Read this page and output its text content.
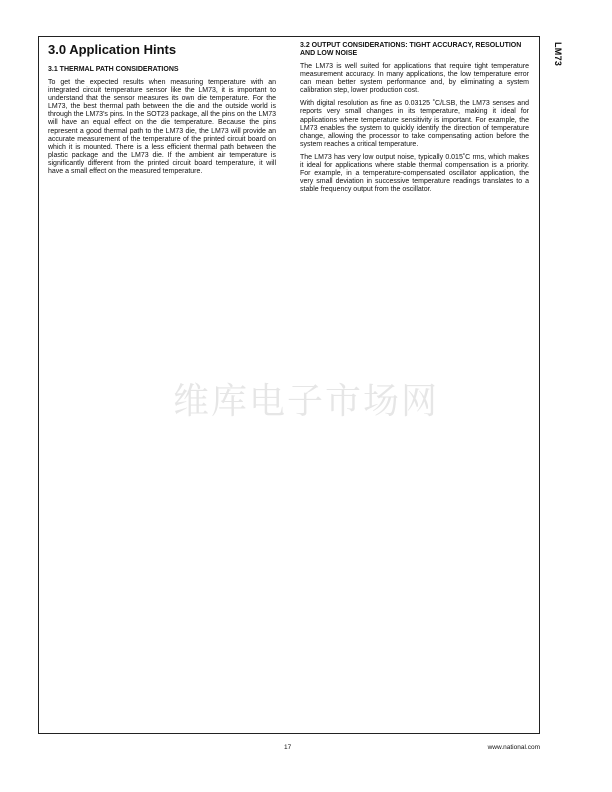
LM73
3.0 Application Hints
3.1 THERMAL PATH CONSIDERATIONS

To get the expected results when measuring temperature with an integrated circuit temperature sensor like the LM73, it is important to understand that the sensor measures its own die temperature. For the LM73, the best thermal path between the die and the outside world is through the LM73's pins. In the SOT23 package, all the pins on the LM73 will have an equal effect on the die temperature. Because the pins represent a good thermal path to the LM73 die, the LM73 will provide an accurate measurement of the temperature of the printed circuit board on which it is mounted. There is a less efficient thermal path between the plastic package and the LM73 die. If the ambient air temperature is significantly different from the printed circuit board temperature, it will have a small effect on the measured temperature.

3.2 OUTPUT CONSIDERATIONS: TIGHT ACCURACY, RESOLUTION AND LOW NOISE

The LM73 is well suited for applications that require tight temperature measurement accuracy. In many applications, the low temperature error can mean better system performance and, by eliminating a system calibration step, lower production cost.

With digital resolution as fine as 0.03125 ˚C/LSB, the LM73 senses and reports very small changes in its temperature, making it ideal for applications where temperature sensitivity is important. For example, the LM73 enables the system to quickly identify the direction of temperature change, allowing the processor to take compensating action before the system reaches a critical temperature.

The LM73 has very low output noise, typically 0.015˚C rms, which makes it ideal for applications where stable thermal compensation is a priority. For example, in a temperature-compensated oscillator application, the very small deviation in successive temperature readings translates to a stable frequency output from the oscillator.

维库电子市场网
17	www.national.com
